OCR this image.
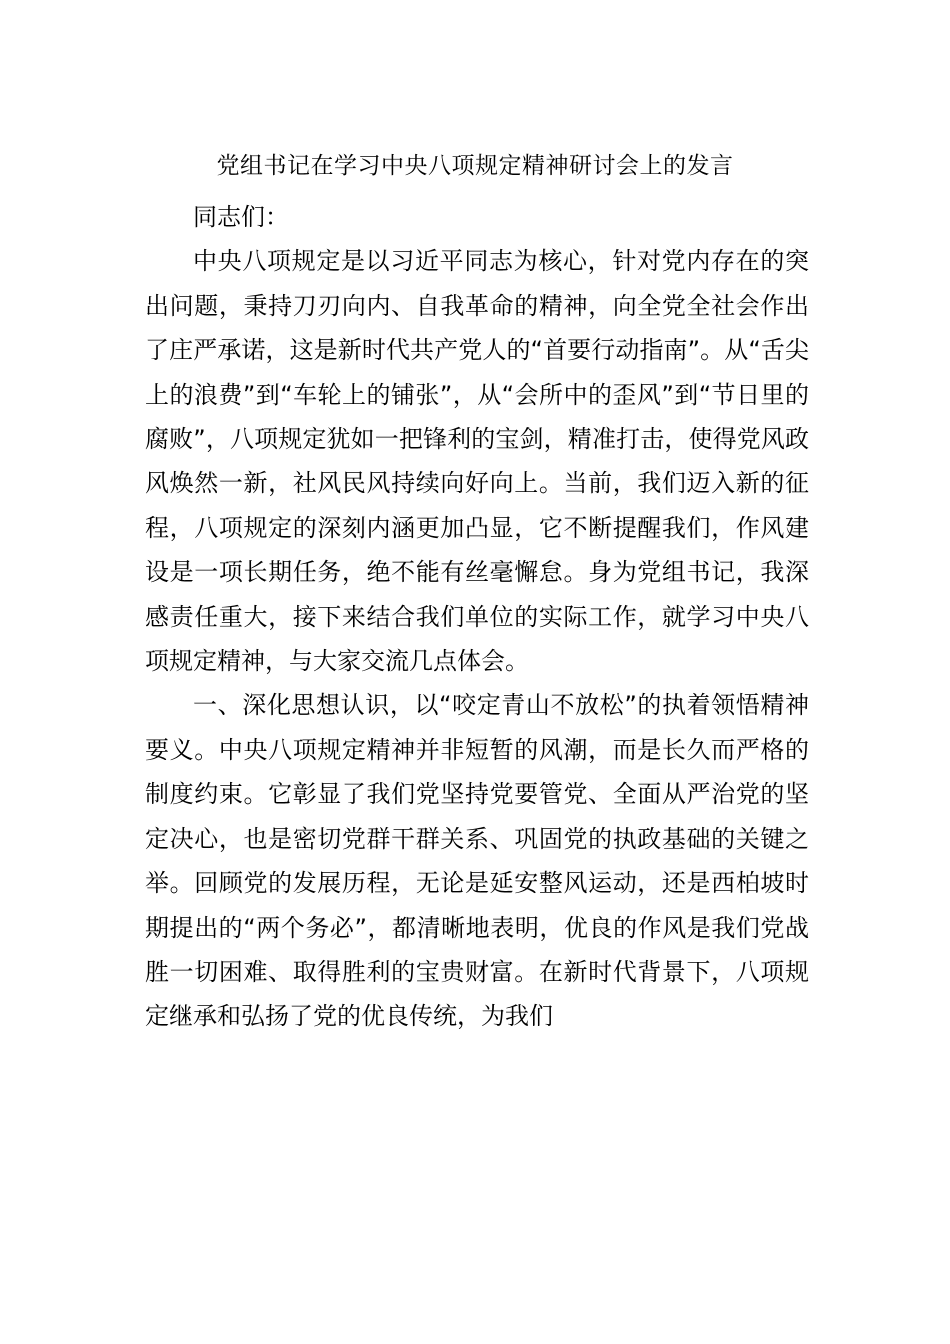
党组书记在学习中央八项规定精神研讨会上的发言

同志们：

中央八项规定是以习近平同志为核心，针对党内存在的突出问题，秉持刀刃向内、自我革命的精神，向全党全社会作出了庄严承诺，这是新时代共产党人的“首要行动指南”。从“舌尖上的浪费”到“车轮上的铺张”，从“会所中的歪风”到“节日里的腐败”，八项规定犹如一把锋利的宝剑，精准打击，使得党风政风焕然一新，社风民风持续向好向上。当前，我们迈入新的征程，八项规定的深刻内涵更加凸显，它不断提醒我们，作风建设是一项长期任务，绝不能有丝毫懈怠。身为党组书记，我深感责任重大，接下来结合我们单位的实际工作，就学习中央八项规定精神，与大家交流几点体会。

一、深化思想认识，以“咬定青山不放松”的执着领悟精神要义。中央八项规定精神并非短暂的风潮，而是长久而严格的制度约束。它彰显了我们党坚持党要管党、全面从严治党的坚定决心，也是密切党群干群关系、巩固党的执政基础的关键之举。回顾党的发展历程，无论是延安整风运动，还是西柏坡时期提出的“两个务必”，都清晰地表明，优良的作风是我们党战胜一切困难、取得胜利的宝贵财富。在新时代背景下，八项规定继承和弘扬了党的优良传统，为我们
